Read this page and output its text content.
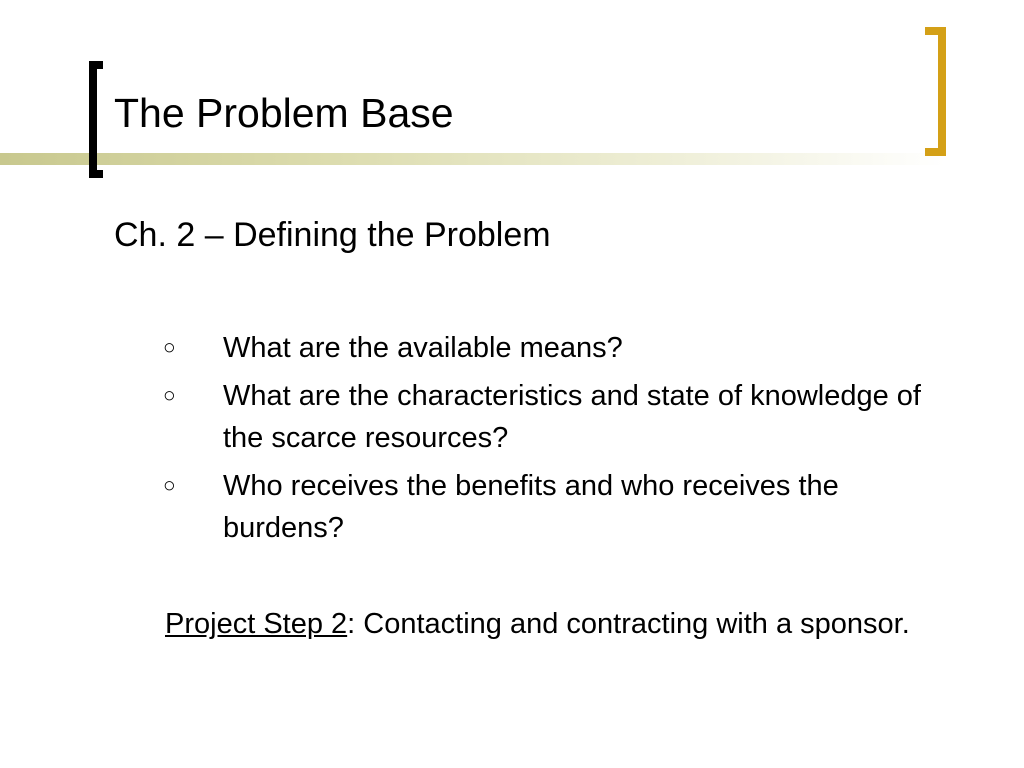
The Problem Base
Ch. 2 – Defining the Problem
○ What are the available means?
○ What are the characteristics and state of knowledge of the scarce resources?
○ Who receives the benefits and who receives the burdens?

Project Step 2: Contacting and contracting with a sponsor.
